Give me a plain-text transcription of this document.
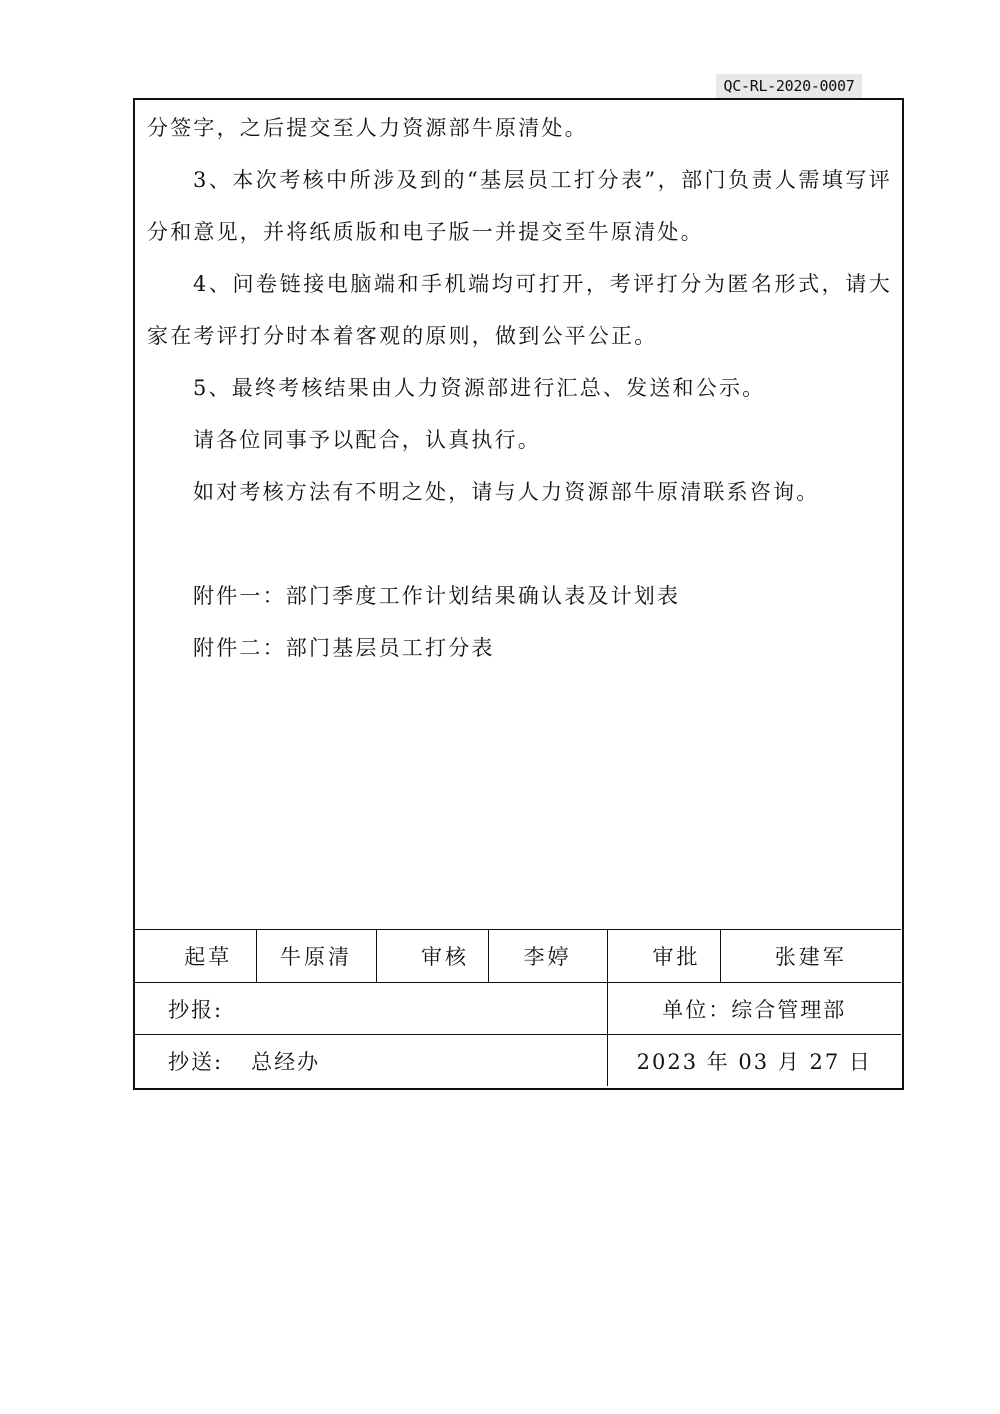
QC-RL-2020-0007

分签字，之后提交至人力资源部牛原清处。

3、本次考核中所涉及到的“基层员工打分表”，部门负责人需填写评分和意见，并将纸质版和电子版一并提交至牛原清处。

4、问卷链接电脑端和手机端均可打开，考评打分为匿名形式，请大家在考评打分时本着客观的原则，做到公平公正。

5、最终考核结果由人力资源部进行汇总、发送和公示。

请各位同事予以配合，认真执行。

如对考核方法有不明之处，请与人力资源部牛原清联系咨询。

附件一：部门季度工作计划结果确认表及计划表

附件二：部门基层员工打分表

起草	牛原清	审核	李婷	审批	张建军
抄报:				单位：综合管理部	
抄送: 总经办				2023 年 03 月 27 日	
